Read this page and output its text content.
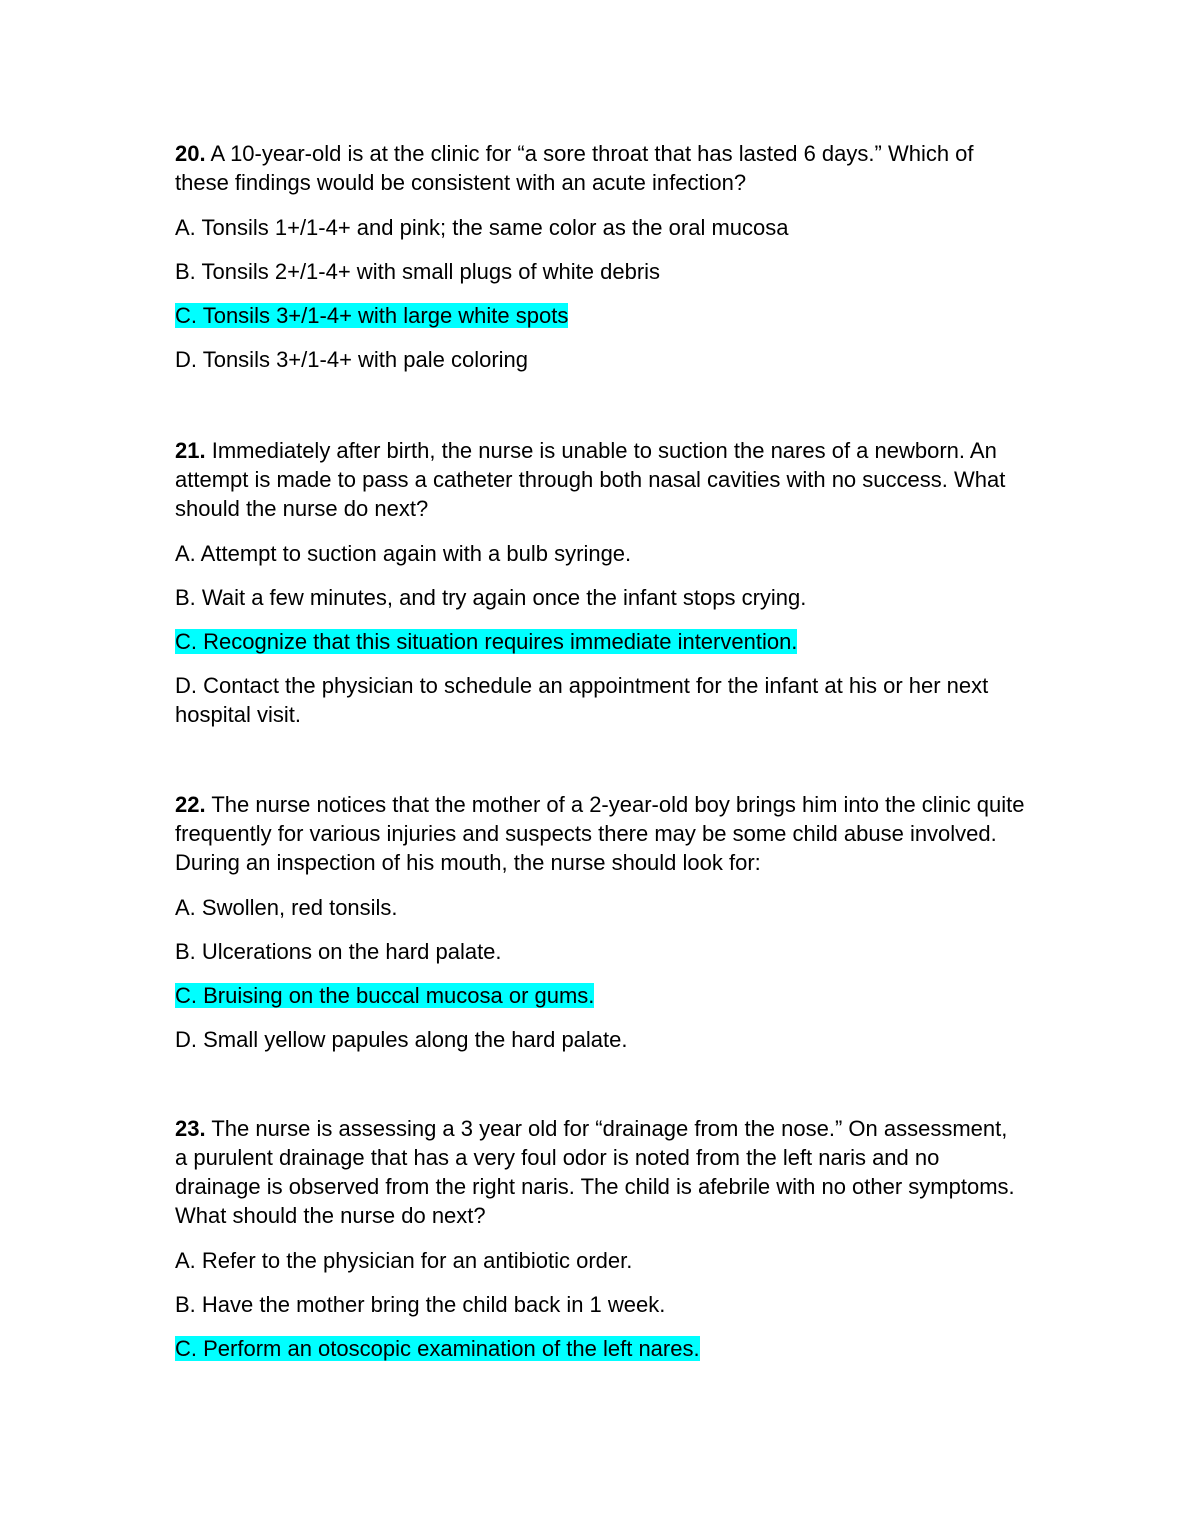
20. A 10-year-old is at the clinic for “a sore throat that has lasted 6 days.” Which of these findings would be consistent with an acute infection?
A. Tonsils 1+/1-4+ and pink; the same color as the oral mucosa
B. Tonsils 2+/1-4+ with small plugs of white debris
C. Tonsils 3+/1-4+ with large white spots
D. Tonsils 3+/1-4+ with pale coloring
21. Immediately after birth, the nurse is unable to suction the nares of a newborn. An attempt is made to pass a catheter through both nasal cavities with no success. What should the nurse do next?
A. Attempt to suction again with a bulb syringe.
B. Wait a few minutes, and try again once the infant stops crying.
C. Recognize that this situation requires immediate intervention.
D. Contact the physician to schedule an appointment for the infant at his or her next hospital visit.
22. The nurse notices that the mother of a 2-year-old boy brings him into the clinic quite frequently for various injuries and suspects there may be some child abuse involved. During an inspection of his mouth, the nurse should look for:
A. Swollen, red tonsils.
B. Ulcerations on the hard palate.
C. Bruising on the buccal mucosa or gums.
D. Small yellow papules along the hard palate.
23. The nurse is assessing a 3 year old for “drainage from the nose.” On assessment, a purulent drainage that has a very foul odor is noted from the left naris and no drainage is observed from the right naris. The child is afebrile with no other symptoms. What should the nurse do next?
A. Refer to the physician for an antibiotic order.
B. Have the mother bring the child back in 1 week.
C. Perform an otoscopic examination of the left nares.
